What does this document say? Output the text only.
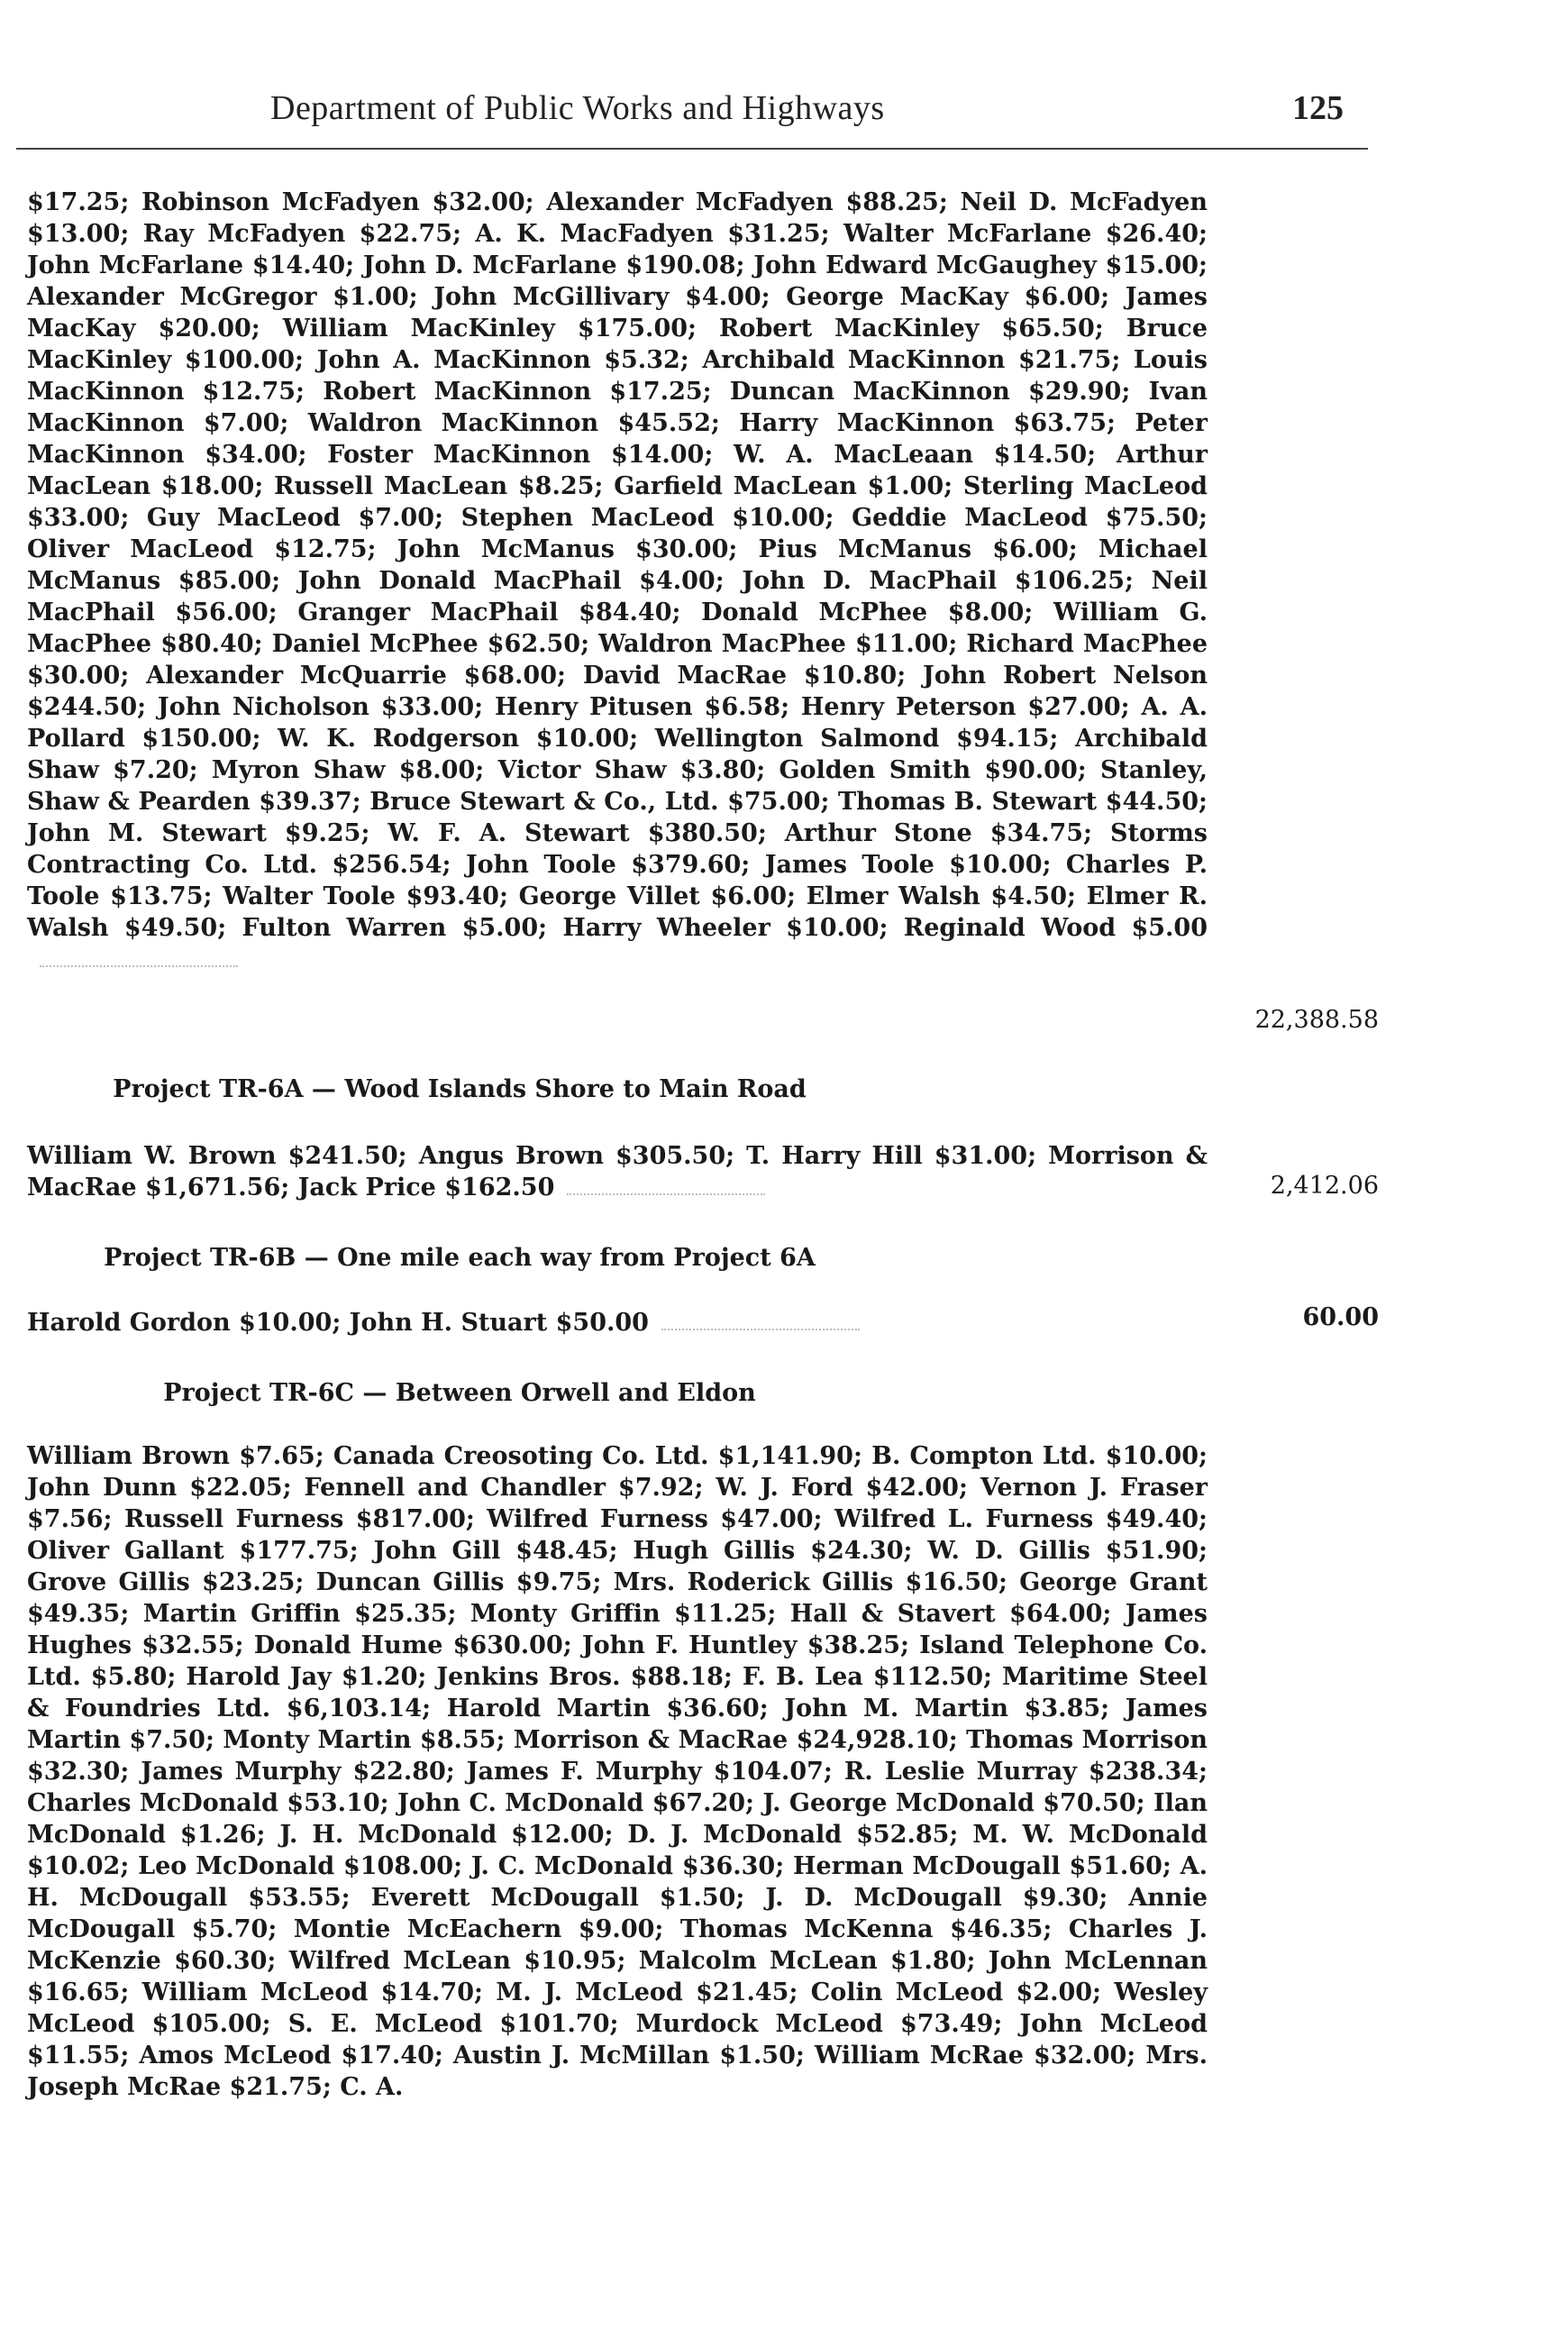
Department of Public Works and Highways	125
$17.25; Robinson McFadyen $32.00; Alexander McFadyen $88.25; Neil D. McFadyen $13.00; Ray McFadyen $22.75; A. K. MacFadyen $31.25; Walter McFarlane $26.40; John McFarlane $14.40; John D. McFarlane $190.08; John Edward McGaughey $15.00; Alexander McGregor $1.00; John McGillivary $4.00; George MacKay $6.00; James MacKay $20.00; William MacKinley $175.00; Robert MacKinley $65.50; Bruce MacKinley $100.00; John A. MacKinnon $5.32; Archibald MacKinnon $21.75; Louis MacKinnon $12.75; Robert MacKinnon $17.25; Duncan MacKinnon $29.90; Ivan MacKinnon $7.00; Waldron MacKinnon $45.52; Harry MacKinnon $63.75; Peter MacKinnon $34.00; Foster MacKinnon $14.00; W. A. MacLeaan $14.50; Arthur MacLean $18.00; Russell MacLean $8.25; Garfield MacLean $1.00; Sterling MacLeod $33.00; Guy MacLeod $7.00; Stephen MacLeod $10.00; Geddie MacLeod $75.50; Oliver MacLeod $12.75; John McManus $30.00; Pius McManus $6.00; Michael McManus $85.00; John Donald MacPhail $4.00; John D. MacPhail $106.25; Neil MacPhail $56.00; Granger MacPhail $84.40; Donald McPhee $8.00; William G. MacPhee $80.40; Daniel McPhee $62.50; Waldron MacPhee $11.00; Richard MacPhee $30.00; Alexander McQuarrie $68.00; David MacRae $10.80; John Robert Nelson $244.50; John Nicholson $33.00; Henry Pitusen $6.58; Henry Peterson $27.00; A. A. Pollard $150.00; W. K. Rodgerson $10.00; Wellington Salmond $94.15; Archibald Shaw $7.20; Myron Shaw $8.00; Victor Shaw $3.80; Golden Smith $90.00; Stanley, Shaw & Pearden $39.37; Bruce Stewart & Co., Ltd. $75.00; Thomas B. Stewart $44.50; John M. Stewart $9.25; W. F. A. Stewart $380.50; Arthur Stone $34.75; Storms Contracting Co. Ltd. $256.54; John Toole $379.60; James Toole $10.00; Charles P. Toole $13.75; Walter Toole $93.40; George Villet $6.00; Elmer Walsh $4.50; Elmer R. Walsh $49.50; Fulton Warren $5.00; Harry Wheeler $10.00; Reginald Wood $5.00
22,388.58
Project TR-6A — Wood Islands Shore to Main Road
William W. Brown $241.50; Angus Brown $305.50; T. Harry Hill $31.00; Morrison & MacRae $1,671.56; Jack Price $162.50	2,412.06
Project TR-6B — One mile each way from Project 6A
Harold Gordon $10.00; John H. Stuart $50.00	60.00
Project TR-6C — Between Orwell and Eldon
William Brown $7.65; Canada Creosoting Co. Ltd. $1,141.90; B. Compton Ltd. $10.00; John Dunn $22.05; Fennell and Chandler $7.92; W. J. Ford $42.00; Vernon J. Fraser $7.56; Russell Furness $817.00; Wilfred Furness $47.00; Wilfred L. Furness $49.40; Oliver Gallant $177.75; John Gill $48.45; Hugh Gillis $24.30; W. D. Gillis $51.90; Grove Gillis $23.25; Duncan Gillis $9.75; Mrs. Roderick Gillis $16.50; George Grant $49.35; Martin Griffin $25.35; Monty Griffin $11.25; Hall & Stavert $64.00; James Hughes $32.55; Donald Hume $630.00; John F. Huntley $38.25; Island Telephone Co. Ltd. $5.80; Harold Jay $1.20; Jenkins Bros. $88.18; F. B. Lea $112.50; Maritime Steel & Foundries Ltd. $6,103.14; Harold Martin $36.60; John M. Martin $3.85; James Martin $7.50; Monty Martin $8.55; Morrison & MacRae $24,928.10; Thomas Morrison $32.30; James Murphy $22.80; James F. Murphy $104.07; R. Leslie Murray $238.34; Charles McDonald $53.10; John C. McDonald $67.20; J. George McDonald $70.50; Ilan McDonald $1.26; J. H. McDonald $12.00; D. J. McDonald $52.85; M. W. McDonald $10.02; Leo McDonald $108.00; J. C. McDonald $36.30; Herman McDougall $51.60; A. H. McDougall $53.55; Everett McDougall $1.50; J. D. McDougall $9.30; Annie McDougall $5.70; Montie McEachern $9.00; Thomas McKenna $46.35; Charles J. McKenzie $60.30; Wilfred McLean $10.95; Malcolm McLean $1.80; John McLennan $16.65; William McLeod $14.70; M. J. McLeod $21.45; Colin McLeod $2.00; Wesley McLeod $105.00; S. E. McLeod $101.70; Murdock McLeod $73.49; John McLeod $11.55; Amos McLeod $17.40; Austin J. McMillan $1.50; William McRae $32.00; Mrs. Joseph McRae $21.75; C. A.
